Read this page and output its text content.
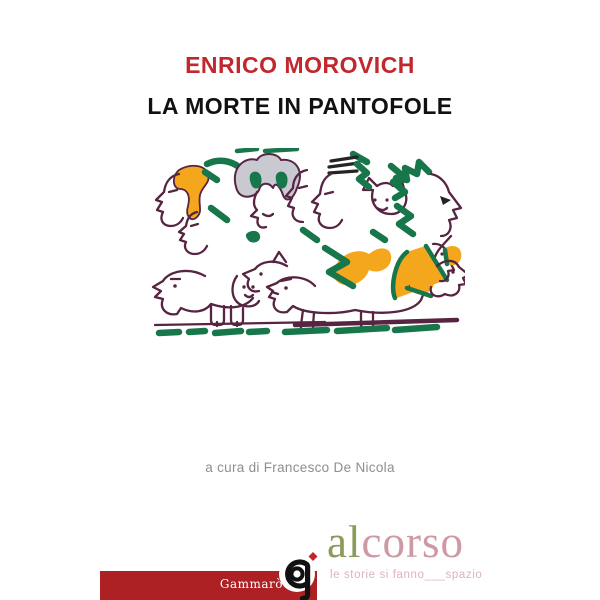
ENRICO MOROVICH
LA MORTE IN PANTOFOLE
a cura di Francesco De Nicola
Gammarò
alcorso
le storie si fanno___spazio
